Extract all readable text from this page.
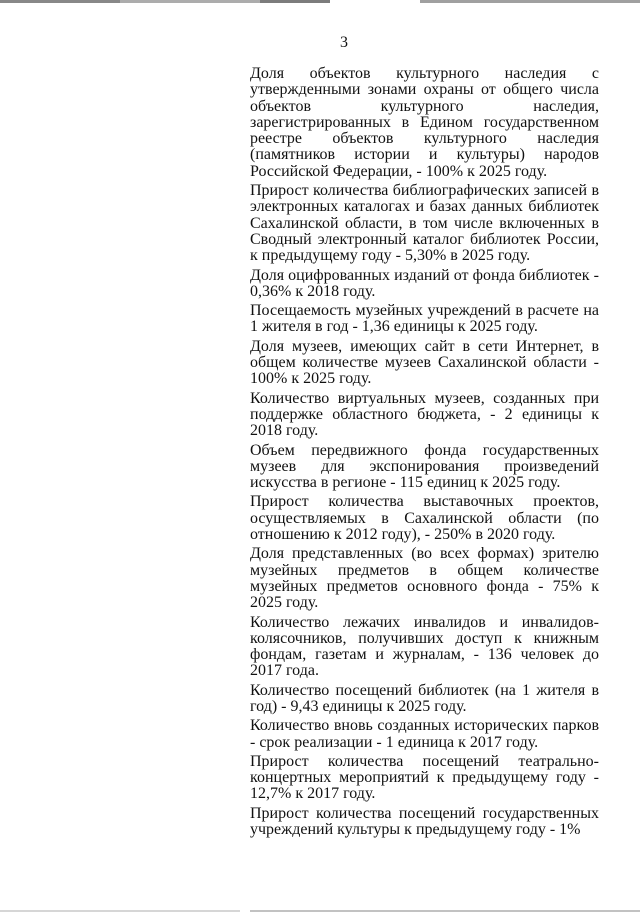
3

Доля объектов культурного наследия с утвержденными зонами охраны от общего числа объектов культурного наследия, зарегистрированных в Едином государственном реестре объектов культурного наследия (памятников истории и культуры) народов Российской Федерации, - 100% к 2025 году.

Прирост количества библиографических записей в электронных каталогах и базах данных библиотек Сахалинской области, в том числе включенных в Сводный электронный каталог библиотек России, к предыдущему году - 5,30% в 2025 году.

Доля оцифрованных изданий от фонда библиотек - 0,36% к 2018 году.

Посещаемость музейных учреждений в расчете на 1 жителя в год - 1,36 единицы к 2025 году.

Доля музеев, имеющих сайт в сети Интернет, в общем количестве музеев Сахалинской области - 100% к 2025 году.

Количество виртуальных музеев, созданных при поддержке областного бюджета, - 2 единицы к 2018 году.

Объем передвижного фонда государственных музеев для экспонирования произведений искусства в регионе - 115 единиц к 2025 году.

Прирост количества выставочных проектов, осуществляемых в Сахалинской области (по отношению к 2012 году), - 250% в 2020 году.

Доля представленных (во всех формах) зрителю музейных предметов в общем количестве музейных предметов основного фонда - 75% к 2025 году.

Количество лежачих инвалидов и инвалидов-колясочников, получивших доступ к книжным фондам, газетам и журналам, - 136 человек до 2017 года.

Количество посещений библиотек (на 1 жителя в год) - 9,43 единицы к 2025 году.

Количество вновь созданных исторических парков - срок реализации - 1 единица к 2017 году.

Прирост количества посещений театрально-концертных мероприятий к предыдущему году - 12,7% к 2017 году.

Прирост количества посещений государственных учреждений культуры к предыдущему году - 1%
